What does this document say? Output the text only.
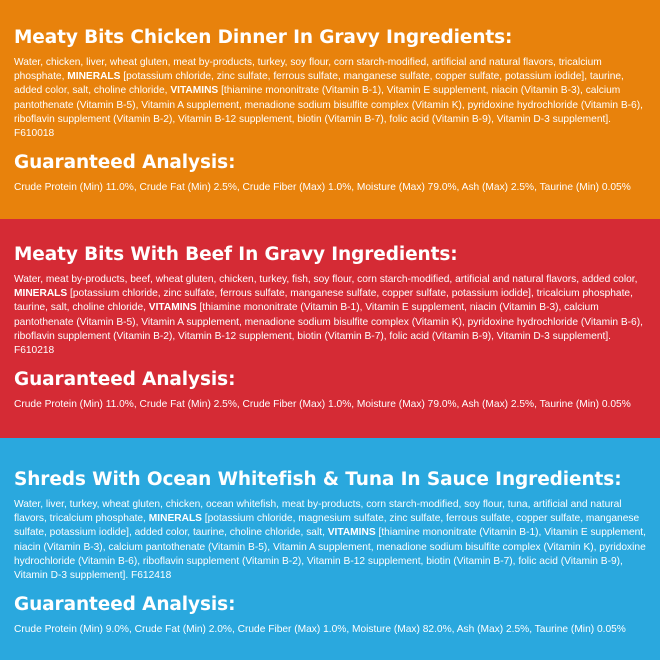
Meaty Bits Chicken Dinner In Gravy Ingredients:

Water, chicken, liver, wheat gluten, meat by-products, turkey, soy flour, corn starch-modified, artificial and natural flavors, tricalcium phosphate, MINERALS [potassium chloride, zinc sulfate, ferrous sulfate, manganese sulfate, copper sulfate, potassium iodide], taurine, added color, salt, choline chloride, VITAMINS [thiamine mononitrate (Vitamin B-1), Vitamin E supplement, niacin (Vitamin B-3), calcium pantothenate (Vitamin B-5), Vitamin A supplement, menadione sodium bisulfite complex (Vitamin K), pyridoxine hydrochloride (Vitamin B-6), riboflavin supplement (Vitamin B-2), Vitamin B-12 supplement, biotin (Vitamin B-7), folic acid (Vitamin B-9), Vitamin D-3 supplement].
F610018

Guaranteed Analysis:

Crude Protein (Min) 11.0%, Crude Fat (Min) 2.5%, Crude Fiber (Max) 1.0%, Moisture (Max) 79.0%, Ash (Max) 2.5%, Taurine (Min) 0.05%

Meaty Bits With Beef In Gravy Ingredients:

Water, meat by-products, beef, wheat gluten, chicken, turkey, fish, soy flour, corn starch-modified, artificial and natural flavors, added color, MINERALS [potassium chloride, zinc sulfate, ferrous sulfate, manganese sulfate, copper sulfate, potassium iodide], tricalcium phosphate, taurine, salt, choline chloride, VITAMINS [thiamine mononitrate (Vitamin B-1), Vitamin E supplement, niacin (Vitamin B-3), calcium pantothenate (Vitamin B-5), Vitamin A supplement, menadione sodium bisulfite complex (Vitamin K), pyridoxine hydrochloride (Vitamin B-6), riboflavin supplement (Vitamin B-2), Vitamin B-12 supplement, biotin (Vitamin B-7), folic acid (Vitamin B-9), Vitamin D-3 supplement].
F610218

Guaranteed Analysis:

Crude Protein (Min) 11.0%, Crude Fat (Min) 2.5%, Crude Fiber (Max) 1.0%, Moisture (Max) 79.0%, Ash (Max) 2.5%, Taurine (Min) 0.05%

Shreds With Ocean Whitefish & Tuna In Sauce Ingredients:

Water, liver, turkey, wheat gluten, chicken, ocean whitefish, meat by-products, corn starch-modified, soy flour, tuna, artificial and natural flavors, tricalcium phosphate, MINERALS [potassium chloride, magnesium sulfate, zinc sulfate, ferrous sulfate, copper sulfate, manganese sulfate, potassium iodide], added color, taurine, choline chloride, salt, VITAMINS [thiamine mononitrate (Vitamin B-1), Vitamin E supplement, niacin (Vitamin B-3), calcium pantothenate (Vitamin B-5), Vitamin A supplement, menadione sodium bisulfite complex (Vitamin K), pyridoxine hydrochloride (Vitamin B-6), riboflavin supplement (Vitamin B-2), Vitamin B-12 supplement, biotin (Vitamin B-7), folic acid (Vitamin B-9), Vitamin D-3 supplement]. F612418

Guaranteed Analysis:

Crude Protein (Min) 9.0%, Crude Fat (Min) 2.0%, Crude Fiber (Max) 1.0%, Moisture (Max) 82.0%, Ash (Max) 2.5%, Taurine (Min) 0.05%
